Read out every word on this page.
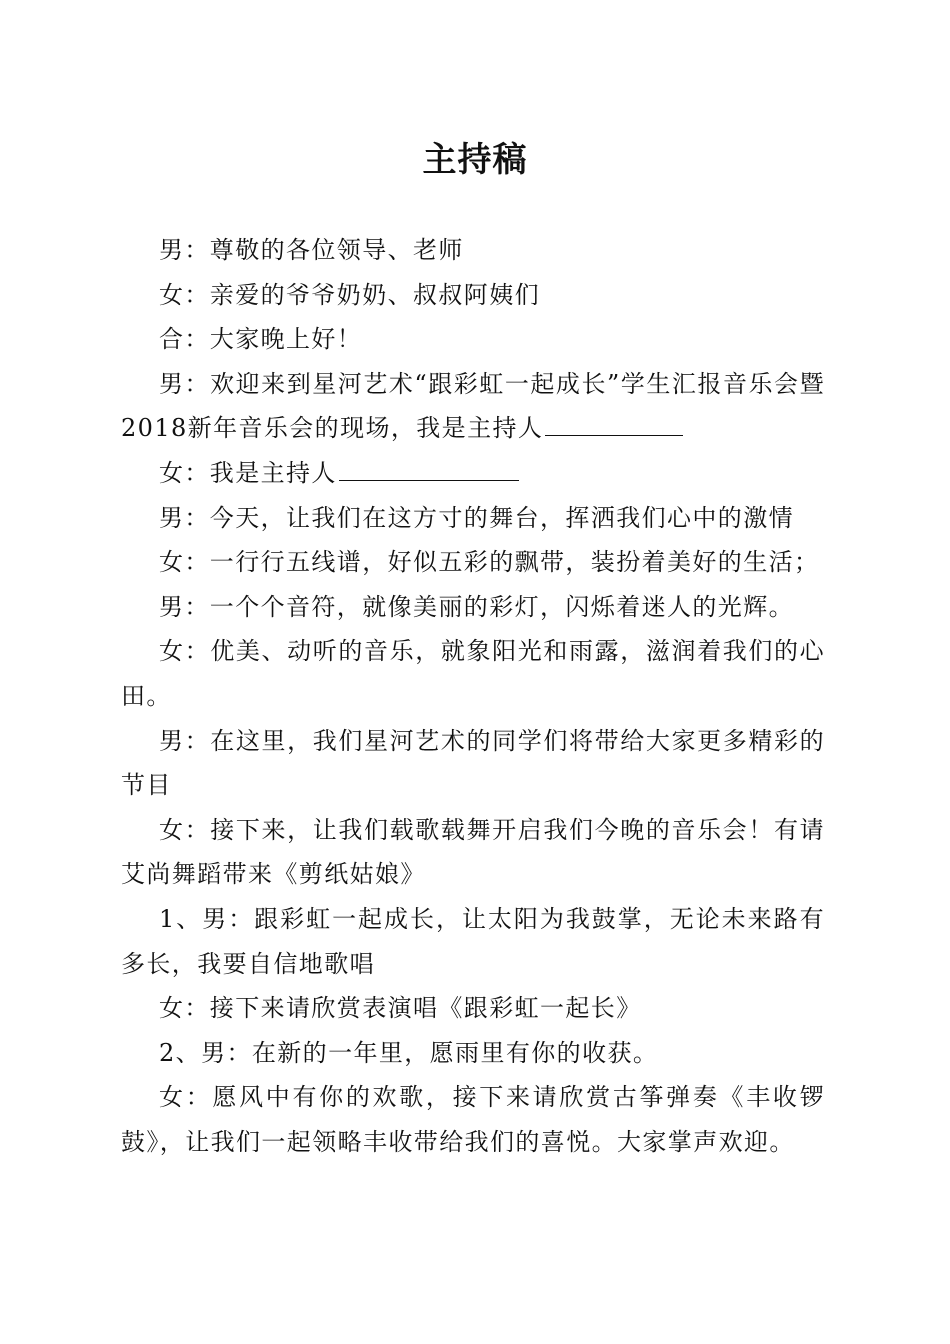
主持稿

男：尊敬的各位领导、老师

女：亲爱的爷爷奶奶、叔叔阿姨们

合：大家晚上好！

男：欢迎来到星河艺术“跟彩虹一起成长”学生汇报音乐会暨2018新年音乐会的现场，我是主持人

女：我是主持人

男：今天，让我们在这方寸的舞台，挥洒我们心中的激情

女：一行行五线谱，好似五彩的飘带，装扮着美好的生活；

男：一个个音符，就像美丽的彩灯，闪烁着迷人的光辉。

女：优美、动听的音乐，就象阳光和雨露，滋润着我们的心田。

男：在这里，我们星河艺术的同学们将带给大家更多精彩的节目

女：接下来，让我们载歌载舞开启我们今晚的音乐会！有请艾尚舞蹈带来《剪纸姑娘》

1、男：跟彩虹一起成长，让太阳为我鼓掌，无论未来路有多长，我要自信地歌唱

女：接下来请欣赏表演唱《跟彩虹一起长》

2、男：在新的一年里，愿雨里有你的收获。

女：愿风中有你的欢歌，接下来请欣赏古筝弹奏《丰收锣鼓》，让我们一起领略丰收带给我们的喜悦。大家掌声欢迎。
